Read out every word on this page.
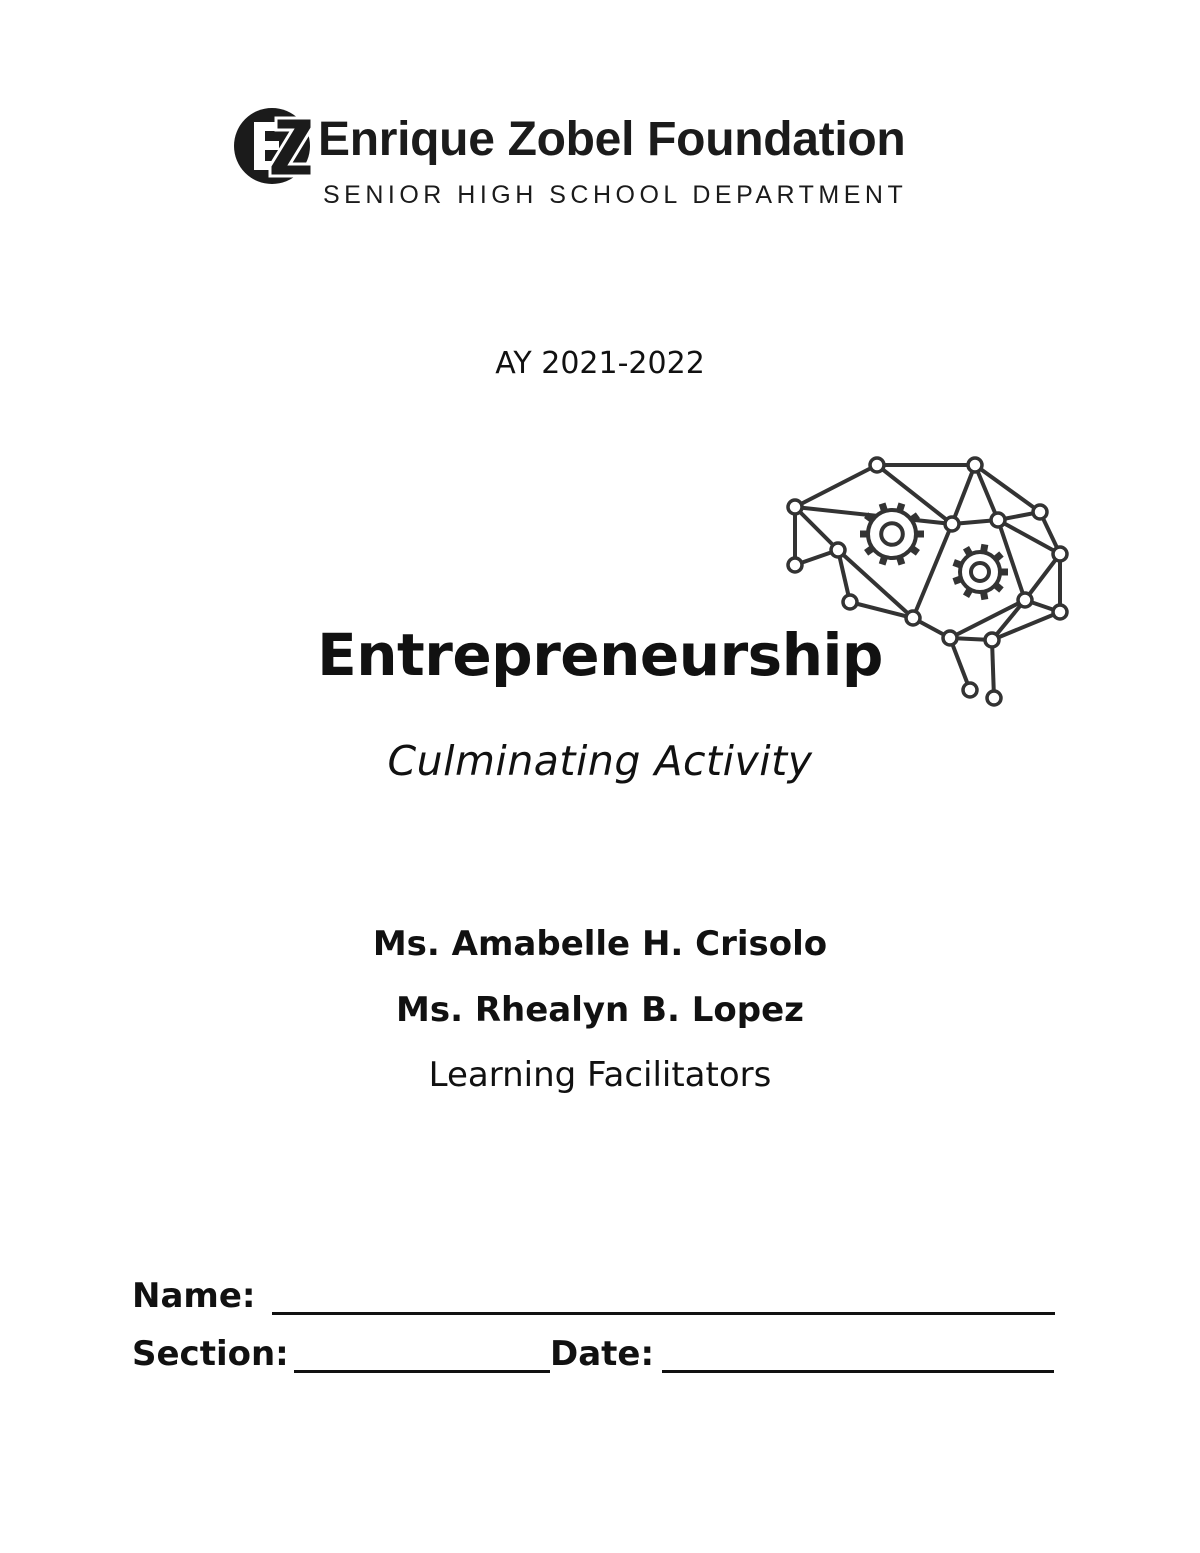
Enrique Zobel Foundation
SENIOR HIGH SCHOOL DEPARTMENT
AY 2021-2022
Entrepreneurship
Culminating Activity
Ms. Amabelle H. Crisolo
Ms. Rhealyn B. Lopez
Learning Facilitators
Name:
Section:	Date:
